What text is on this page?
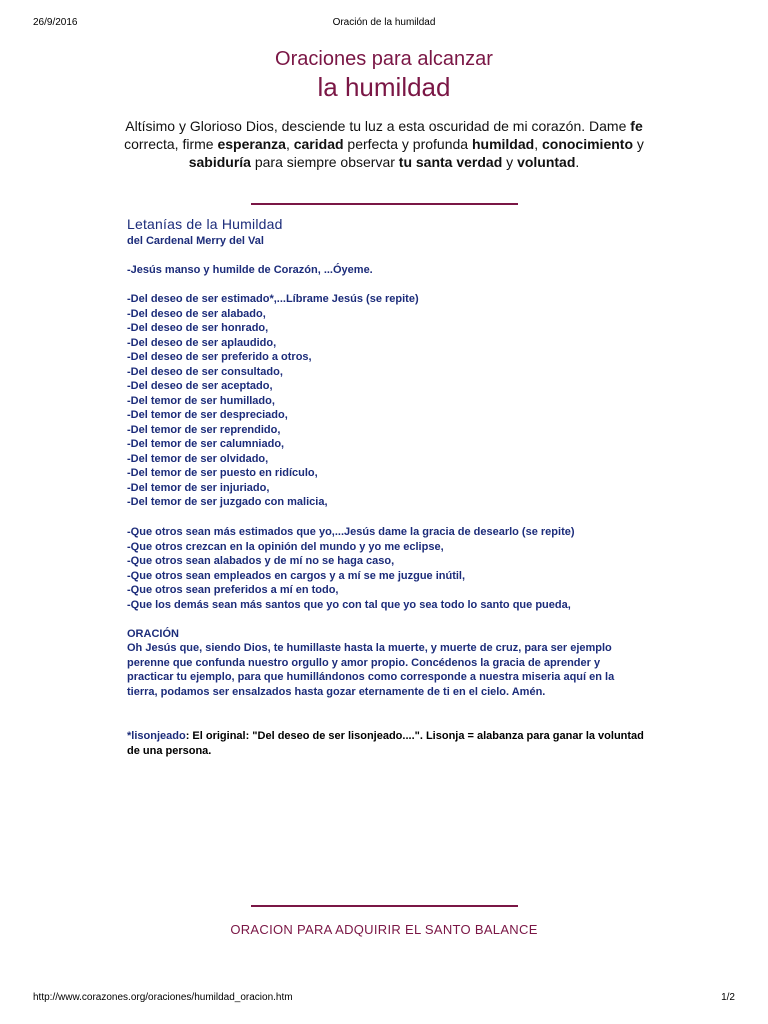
26/9/2016	Oración de la humildad
Oraciones para alcanzar
la humildad
Altísimo y Glorioso Dios, desciende tu luz a esta oscuridad de mi corazón. Dame fe correcta, firme esperanza, caridad perfecta y profunda humildad, conocimiento y sabiduría para siempre observar tu santa verdad y voluntad.
Letanías de la Humildad
del Cardenal Merry del Val
-Jesús manso y humilde de Corazón, ...Óyeme.
-Del deseo de ser estimado*,...Líbrame Jesús (se repite)
-Del deseo de ser alabado,
-Del deseo de ser honrado,
-Del deseo de ser aplaudido,
-Del deseo de ser preferido a otros,
-Del deseo de ser consultado,
-Del deseo de ser aceptado,
-Del temor de ser humillado,
-Del temor de ser despreciado,
-Del temor de ser reprendido,
-Del temor de ser calumniado,
-Del temor de ser olvidado,
-Del temor de ser puesto en ridículo,
-Del temor de ser injuriado,
-Del temor de ser juzgado con malicia,
-Que otros sean más estimados que yo,...Jesús dame la gracia de desearlo (se repite)
-Que otros crezcan en la opinión del mundo y yo me eclipse,
-Que otros sean alabados y de mí no se haga caso,
-Que otros sean empleados en cargos y a mí se me juzgue inútil,
-Que otros sean preferidos a mí en todo,
-Que los demás sean más santos que yo con tal que yo sea todo lo santo que pueda,
ORACIÓN
Oh Jesús que, siendo Dios, te humillaste hasta la muerte, y muerte de cruz, para ser ejemplo perenne que confunda nuestro orgullo y amor propio. Concédenos la gracia de aprender y practicar tu ejemplo, para que humillándonos como corresponde a nuestra miseria aquí en la tierra, podamos ser ensalzados hasta gozar eternamente de ti en el cielo. Amén.
*lisonjeado: El original: "Del deseo de ser lisonjeado....". Lisonja = alabanza para ganar la voluntad de una persona.
ORACION PARA ADQUIRIR EL SANTO BALANCE
http://www.corazones.org/oraciones/humildad_oracion.htm	1/2
